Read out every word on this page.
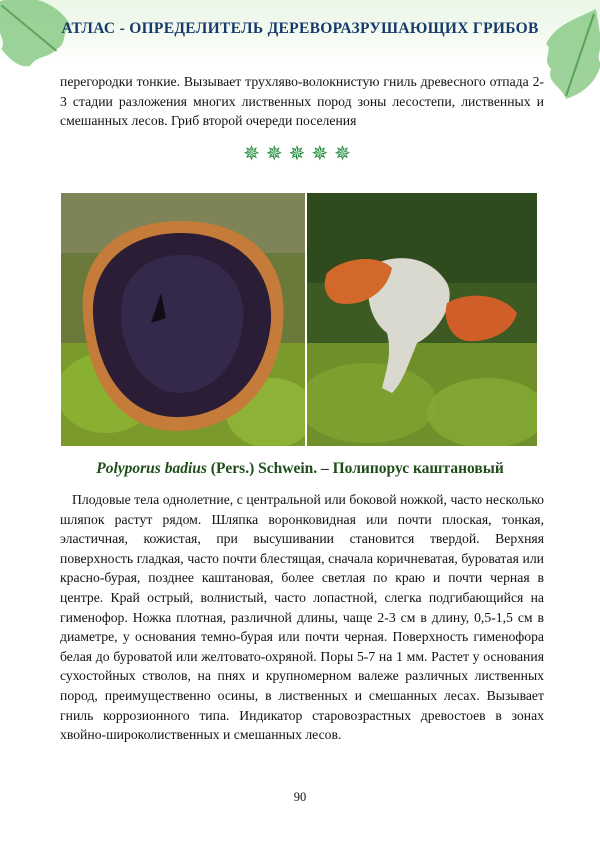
АТЛАС - ОПРЕДЕЛИТЕЛЬ ДЕРЕВОРАЗРУШАЮЩИХ ГРИБОВ

перегородки тонкие. Вызывает трухляво-волокнистую гниль древесного отпада 2-3 стадии разложения многих лиственных пород зоны лесостепи, лиственных и смешанных лесов. Гриб второй очереди поселения

✵✵✵✵✵
Polyporus badius (Pers.) Schwein. – Полипорус каштановый

Плодовые тела однолетние, с центральной или боковой ножкой, часто несколько шляпок растут рядом. Шляпка воронковидная или почти плоская, тонкая, эластичная, кожистая, при высушивании становится твердой. Верхняя поверхность гладкая, часто почти блестящая, сначала коричневатая, буроватая или красно-бурая, позднее каштановая, более светлая по краю и почти черная в центре. Край острый, волнистый, часто лопастной, слегка подгибающийся на гименофор. Ножка плотная, различной длины, чаще 2-3 см в длину, 0,5-1,5 см в диаметре, у основания темно-бурая или почти черная. Поверхность гименофора белая до буроватой или желтовато-охряной. Поры 5-7 на 1 мм. Растет у основания сухостойных стволов, на пнях и крупномерном валеже различных лиственных пород, преимущественно осины, в лиственных и смешанных лесах. Вызывает гниль коррозионного типа. Индикатор старовозрастных древостоев в зонах хвойно-широколиственных и смешанных лесов.

90
